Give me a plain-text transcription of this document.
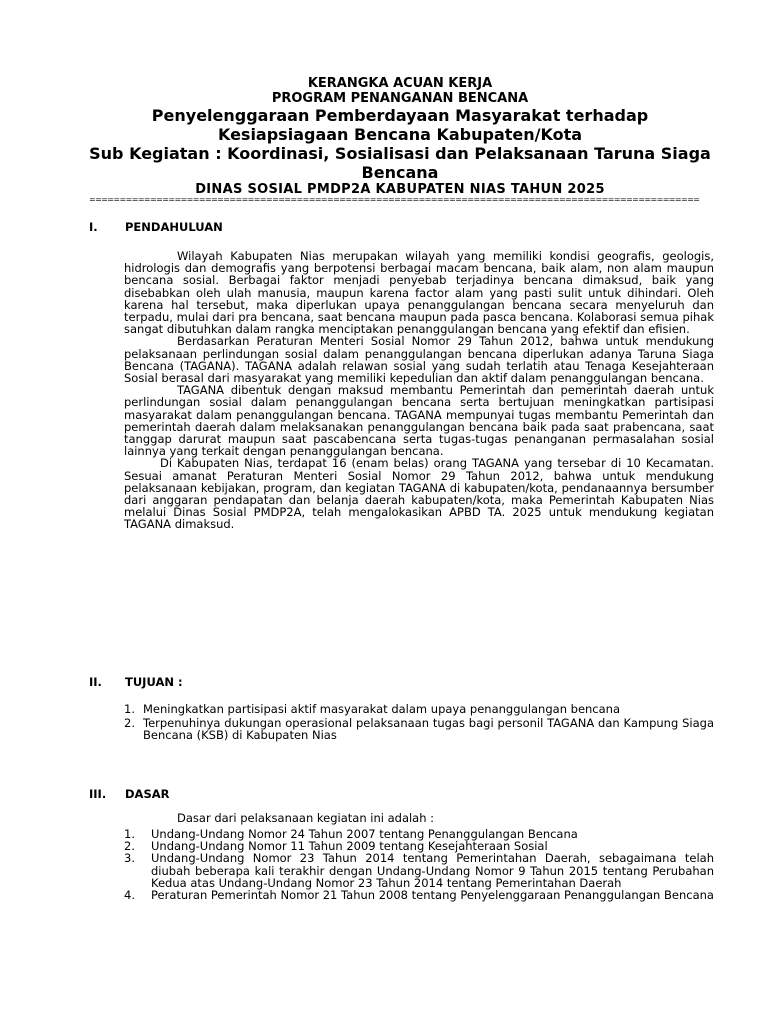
KERANGKA ACUAN KERJA
PROGRAM PENANGANAN BENCANA
Penyelenggaraan Pemberdayaan Masyarakat terhadap Kesiapsiagaan Bencana Kabupaten/Kota
Sub Kegiatan : Koordinasi, Sosialisasi dan Pelaksanaan Taruna Siaga Bencana
DINAS SOSIAL PMDP2A KABUPATEN NIAS TAHUN 2025
====================================================================================================
I. PENDAHULUAN

Wilayah Kabupaten Nias merupakan wilayah yang memiliki kondisi geografis, geologis, hidrologis dan demografis yang berpotensi berbagai macam bencana, baik alam, non alam maupun bencana sosial. Berbagai faktor menjadi penyebab terjadinya bencana dimaksud, baik yang disebabkan oleh ulah manusia, maupun karena factor alam yang pasti sulit untuk dihindari. Oleh karena hal tersebut, maka diperlukan upaya penanggulangan bencana secara menyeluruh dan terpadu, mulai dari pra bencana, saat bencana maupun pada pasca bencana. Kolaborasi semua pihak sangat dibutuhkan dalam rangka menciptakan penanggulangan bencana yang efektif dan efisien.

Berdasarkan Peraturan Menteri Sosial Nomor 29 Tahun 2012, bahwa untuk mendukung pelaksanaan perlindungan sosial dalam penanggulangan bencana diperlukan adanya Taruna Siaga Bencana (TAGANA). TAGANA adalah relawan sosial yang sudah terlatih atau Tenaga Kesejahteraan Sosial berasal dari masyarakat yang memiliki kepedulian dan aktif dalam penanggulangan bencana.

TAGANA dibentuk dengan maksud membantu Pemerintah dan pemerintah daerah untuk perlindungan sosial dalam penanggulangan bencana serta bertujuan meningkatkan partisipasi masyarakat dalam penanggulangan bencana. TAGANA mempunyai tugas membantu Pemerintah dan pemerintah daerah dalam melaksanakan penanggulangan bencana baik pada saat prabencana, saat tanggap darurat maupun saat pascabencana serta tugas-tugas penanganan permasalahan sosial lainnya yang terkait dengan penanggulangan bencana.

Di Kabupaten Nias, terdapat 16 (enam belas) orang TAGANA yang tersebar di 10 Kecamatan. Sesuai amanat Peraturan Menteri Sosial Nomor 29 Tahun 2012, bahwa untuk mendukung pelaksanaan kebijakan, program, dan kegiatan TAGANA di kabupaten/kota, pendanaannya bersumber dari anggaran pendapatan dan belanja daerah kabupaten/kota, maka Pemerintah Kabupaten Nias melalui Dinas Sosial PMDP2A, telah mengalokasikan APBD TA. 2025 untuk mendukung kegiatan TAGANA dimaksud.

II. TUJUAN :
1. Meningkatkan partisipasi aktif masyarakat dalam upaya penanggulangan bencana
2. Terpenuhinya dukungan operasional pelaksanaan tugas bagi personil TAGANA dan Kampung Siaga Bencana (KSB) di Kabupaten Nias
III. DASAR
Dasar dari pelaksanaan kegiatan ini adalah :
1. Undang-Undang Nomor 24 Tahun 2007 tentang Penanggulangan Bencana
2. Undang-Undang Nomor 11 Tahun 2009 tentang Kesejahteraan Sosial
3. Undang-Undang Nomor 23 Tahun 2014 tentang Pemerintahan Daerah, sebagaimana telah diubah beberapa kali terakhir dengan Undang-Undang Nomor 9 Tahun 2015 tentang Perubahan Kedua atas Undang-Undang Nomor 23 Tahun 2014 tentang Pemerintahan Daerah
4. Peraturan Pemerintah Nomor 21 Tahun 2008 tentang Penyelenggaraan Penanggulangan Bencana
